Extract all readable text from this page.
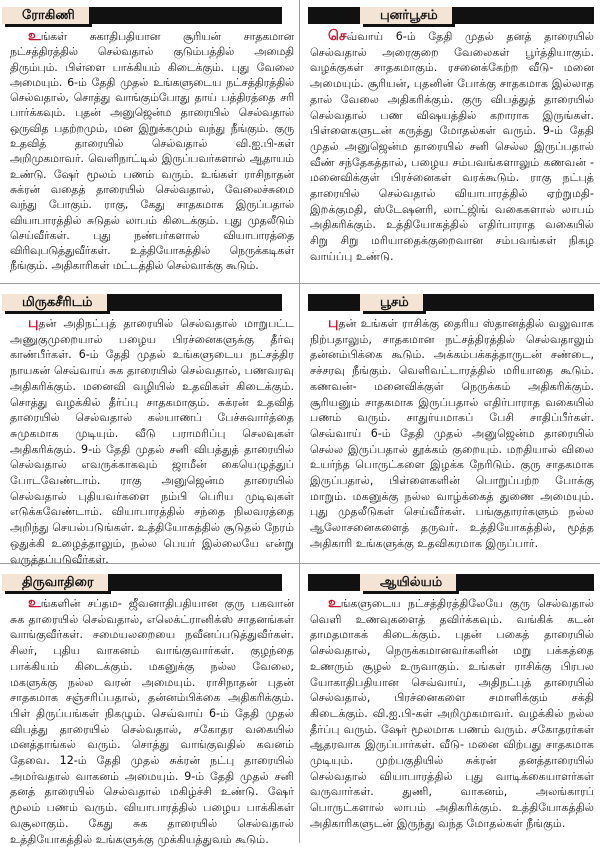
ரோகிணி
உங்கள் சுகாதிபதியான சூரியன் சாதகமான நட்சத்திரத்தில் செல்வதால் குடும்பத்தில் அமைதி திரும்பும். பிள்ளை பாக்கியம் கிடைக்கும். புது வேலை அமையும். 6-ம் தேதி முதல் உங்களுடைய நட்சத்திரத்தில் செல்வதால், சொத்து வாங்கும்போது தாய் பத்திரத்தை சரி பார்க்கவும். புதன் அனுஜென்ம தாரையில் செல்வதால் ஒருவித பதற்றமும், மன இறுக்கமும் வந்து நீங்கும். குரு உதவித் தாரையில் செல்வதால் வி.ஐ.பி-கள் அறிமுகமாவர். வெளிநாட்டில் இருப்பவர்களால் ஆதாயம் உண்டு. ஷேர் மூலம் பணம் வரும். உங்கள் ராசிநாதன் சுக்ரன் வதைத் தாரையில் செல்வதால், வேலைச்சுமை வந்து போகும். ராகு, கேது சாதகமாக இருப்பதால் வியாபாரத்தில் சுடுதல் லாபம் கிடைக்கும். புது முதலீடும் செய்வீர்கள். புது நண்பர்களால் வியாபாரத்தை விரிவுபடுத்துவீர்கள். உத்தியோகத்தில் நெருக்கடிகள் நீங்கும். அதிகாரிகள் மட்டத்தில் செல்வாக்கு கூடும்.
மிருகசீரிடம்
புதன் அதிநட்புத் தாரையில் செல்வதால் மாறுபட்ட அணுகுமுறையால் பழைய பிரச்னைகளுக்கு தீர்வு காண்பீர்கள். 6-ம் தேதி முதல் உங்களுடைய நட்சத்திர நாயகன் செவ்வாய் சுக தாரையில் செல்வதால், பணவரவு அதிகரிக்கும். மனைவி வழியில் உதவிகள் கிடைக்கும். சொத்து வழக்கில் தீர்ப்பு சாதகமாகும். சுக்ரன் உதவித் தாரையில் செல்வதால் கல்யாணப் பேச்சுவார்த்தை சுமுகமாக முடியும். வீடு பராமரிப்பு செலவுகள் அதிகரிக்கும். 9-ம் தேதி முதல் சனி விபத்துத் தாரையில் செல்வதால் எவருக்காகவும் ஜாமீன் கையெழுத்துப் போடவேண்டாம். ராகு அனுஜென்ம தாரையில் செல்வதால் புதியவர்களை நம்பி பெரிய முடிவுகள் எடுக்கவேண்டாம். வியாபாரத்தில் சந்தை நிலவரத்தை அறிந்து செயல்படுங்கள். உத்தியோகத்தில் சூடுதல் நேரம் ஒதுக்கி உழைத்தாலும், நல்ல பெயர் இல்லையே என்று வருத்தப்படுவீர்கள்.
திருவாதிரை
உங்களின் சப்தம- ஜீவனாதிபதியான குரு பகவான் சுக தாரையில் செல்வதால், எலெக்ட்ரானிக்ஸ் சாதனங்கள் வாங்குவீர்கள். சமையலறையை நவீனப்படுத்துவீர்கள். சிலர், புதிய வாகனம் வாங்குவார்கள். குழந்தை பாக்கியம் கிடைக்கும். மகனுக்கு நல்ல வேலை, மகளுக்கு நல்ல வரன் அமையும். ராசிநாதன் புதன் சாதகமாக சஞ்சரிப்பதால், தன்னம்பிக்கை அதிகரிக்கும். பிள் திருப்பங்கள் நிகழும். செவ்வாய் 6-ம் தேதி முதல் விபத்து தாரையில் செல்வதால், சகோதர வகையில் மனத்தாங்கல் வரும். சொத்து வாங்குவதில் கவனம் தேவை. 12-ம் தேதி முதல் சுக்ரன் நட்பு தாரையில் அமர்வதால் வாகனம் அமையும். 9-ம் தேதி முதல் சனி தனத் தாரையில் செல்வதால் மகிழ்ச்சி உண்டு. ஷேர் மூலம் பணம் வரும். வியாபாரத்தில் பழைய பாக்கிகள் வசூலாகும். கேது சுக தாரையில் செல்வதால் உத்தியோகத்தில் உங்களுக்கு முக்கியத்துவம் கூடும்.
புனர்பூசம்
செவ்வாய் 6-ம் தேதி முதல் தனத் தாரையில் செல்வதால் அரைகுறை வேலைகள் பூர்த்தியாகும். வழக்குகள் சாதகமாகும். ரசனைக்கேற்ற வீடு- மனை அமையும். சூரியன், புதனின் போக்கு சாதகமாக இல்லாத தால் வேலை அதிகரிக்கும். குரு விபத்துத் தாரையில் செல்வதால் பண விஷயத்தில் கறாராக இருங்கள். பிள்ளைகளுடன் கருத்து மோதல்கள் வரும். 9-ம் தேதி முதல் அனுஜென்ம தாரையில் சனி செல்ல இருப்பதால் வீண் சந்தேகத்தால், பழைய சம்பவங்களாலும் கணவன் - மனைவிக்குள் பிரச்னைகள் வரக்கூடும். ராகு நட்புத் தாரையில் செல்வதால் வியாபாரத்தில் ஏற்றுமதி-இறக்குமதி, ஸ்டேஷனரி, லாட்ஜிங் வகைகளால் லாபம் அதிகரிக்கும். உத்தியோகத்தில் எதிர்பாராத வகையில் சிறு சிறு மரியாதைக்குறைவான சம்பவங்கள் நிகழ வாய்ப்பு உண்டு.
பூசம்
புதன் உங்கள் ராசிக்கு தைரிய ஸ்தானத்தில் வலுவாக நிற்பதாலும், சாதகமான நட்சத்திரத்தில் செல்வதாலும் தன்னம்பிக்கை கூடும். அக்கம்பக்கத்தாருடன் சண்டை, சச்சரவு நீங்கும். வெளிவட்டாரத்தில் மரியாதை கூடும். கணவன்- மனைவிக்குள் நெருக்கம் அதிகரிக்கும். சூரியனும் சாதகமாக இருப்பதால் எதிர்பாராத வகையில் பணம் வரும். சாதுர்யமாகப் பேசி சாதிப்பீர்கள். செவ்வாய் 6-ம் தேதி முதல் அனுஜென்ம தாரையில் செல்ல இருப்பதால் தூக்கம் குறையும். மறதியால் விலை உயர்ந்த பொருட்களை இழக்க நேரிடும். குரு சாதகமாக இருப்பதால், பிள்ளைகளின் பொறுப்பற்ற போக்கு மாறும். மகனுக்கு நல்ல வாழ்க்கைத் துணை அமையும். புது முதலீடுகள் செய்வீர்கள். பங்குதாரர்களும் நல்ல ஆலோசனைகளைத் தருவர். உத்தியோகத்தில், மூத்த அதிகாரி உங்களுக்கு உதவிகரமாக இருப்பார்.
ஆயில்யம்
உங்களுடைய நட்சத்திரத்திலேயே குரு செல்வதால் வெளி உணவுகளைத் தவிர்க்கவும். வங்கிக் கடன் தாமதமாகக் கிடைக்கும். புதன் பகைத் தாரையில் செல்வதால், நெருக்கமானவர்களின் மறு பக்கத்தை உணரும் சூழல் உருவாகும். உங்கள் ராசிக்கு பிரபல யோகாதிபதியான செவ்வாய், அதிநட்புத் தாரையில் செல்வதால், பிரச்னைகளை சமாளிக்கும் சக்தி கிடைக்கும். வி.ஐ.பி-கள் அறிமுகமாவர். வழக்கில் நல்ல தீர்ப்பு வரும். ஷேர் மூலமாக பணம் வரும். சகோதரர்கள் ஆதரவாக இருப்பார்கள். வீடு- மனை விற்பது சாதகமாக முடியும். முற்பகுதியில் சுக்ரன் தனத்தாரையில் செல்வதால் வியாபாரத்தில் புது வாடிக்கையாளர்கள் வருவார்கள். துணி, வாகனம், அலங்காரப் பொருட்களால் லாபம் அதிகரிக்கும். உத்தியோகத்தில் அதிகாரிகளுடன் இருந்து வந்த மோதல்கள் நீங்கும்.
